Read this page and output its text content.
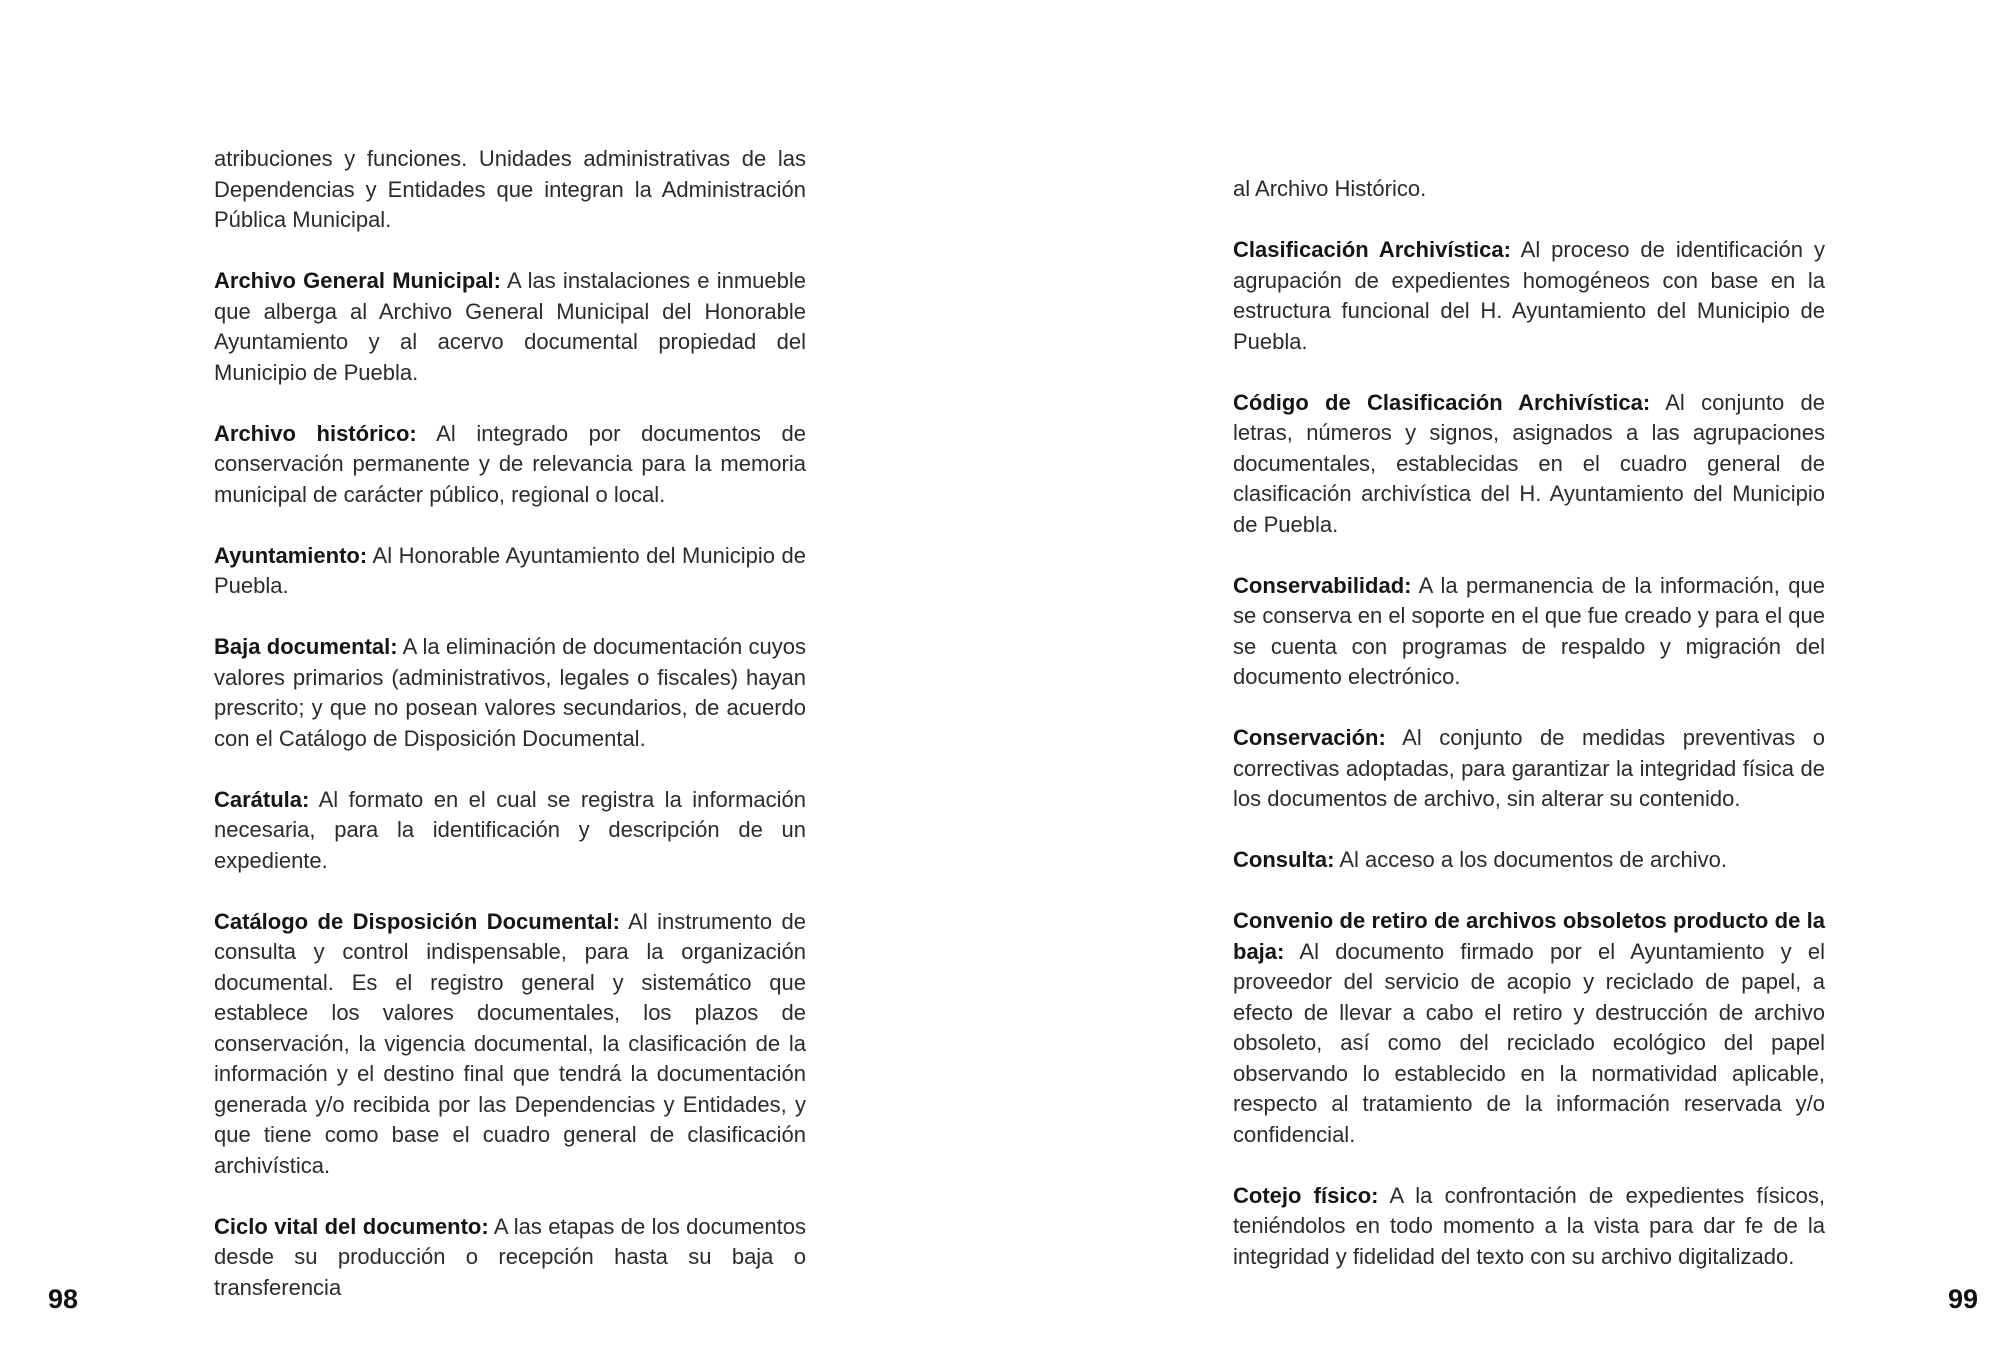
atribuciones y funciones. Unidades administrativas de las Dependencias y Entidades que integran la Administración Pública Municipal.

Archivo General Municipal: A las instalaciones e inmueble que alberga al Archivo General Municipal del Honorable Ayuntamiento y al acervo documental propiedad del Municipio de Puebla.

Archivo histórico: Al integrado por documentos de conservación permanente y de relevancia para la memoria municipal de carácter público, regional o local.

Ayuntamiento: Al Honorable Ayuntamiento del Municipio de Puebla.

Baja documental: A la eliminación de documentación cuyos valores primarios (administrativos, legales o fiscales) hayan prescrito; y que no posean valores secundarios, de acuerdo con el Catálogo de Disposición Documental.

Carátula: Al formato en el cual se registra la información necesaria, para la identificación y descripción de un expediente.

Catálogo de Disposición Documental: Al instrumento de consulta y control indispensable, para la organización documental. Es el registro general y sistemático que establece los valores documentales, los plazos de conservación, la vigencia documental, la clasificación de la información y el destino final que tendrá la documentación generada y/o recibida por las Dependencias y Entidades, y que tiene como base el cuadro general de clasificación archivística.

Ciclo vital del documento: A las etapas de los documentos desde su producción o recepción hasta su baja o transferencia

98

al Archivo Histórico.

Clasificación Archivística: Al proceso de identificación y agrupación de expedientes homogéneos con base en la estructura funcional del H. Ayuntamiento del Municipio de Puebla.

Código de Clasificación Archivística: Al conjunto de letras, números y signos, asignados a las agrupaciones documentales, establecidas en el cuadro general de clasificación archivística del H. Ayuntamiento del Municipio de Puebla.

Conservabilidad: A la permanencia de la información, que se conserva en el soporte en el que fue creado y para el que se cuenta con programas de respaldo y migración del documento electrónico.

Conservación: Al conjunto de medidas preventivas o correctivas adoptadas, para garantizar la integridad física de los documentos de archivo, sin alterar su contenido.

Consulta: Al acceso a los documentos de archivo.

Convenio de retiro de archivos obsoletos producto de la baja: Al documento firmado por el Ayuntamiento y el proveedor del servicio de acopio y reciclado de papel, a efecto de llevar a cabo el retiro y destrucción de archivo obsoleto, así como del reciclado ecológico del papel observando lo establecido en la normatividad aplicable, respecto al tratamiento de la información reservada y/o confidencial.

Cotejo físico: A la confrontación de expedientes físicos, teniéndolos en todo momento a la vista para dar fe de la integridad y fidelidad del texto con su archivo digitalizado.

99
